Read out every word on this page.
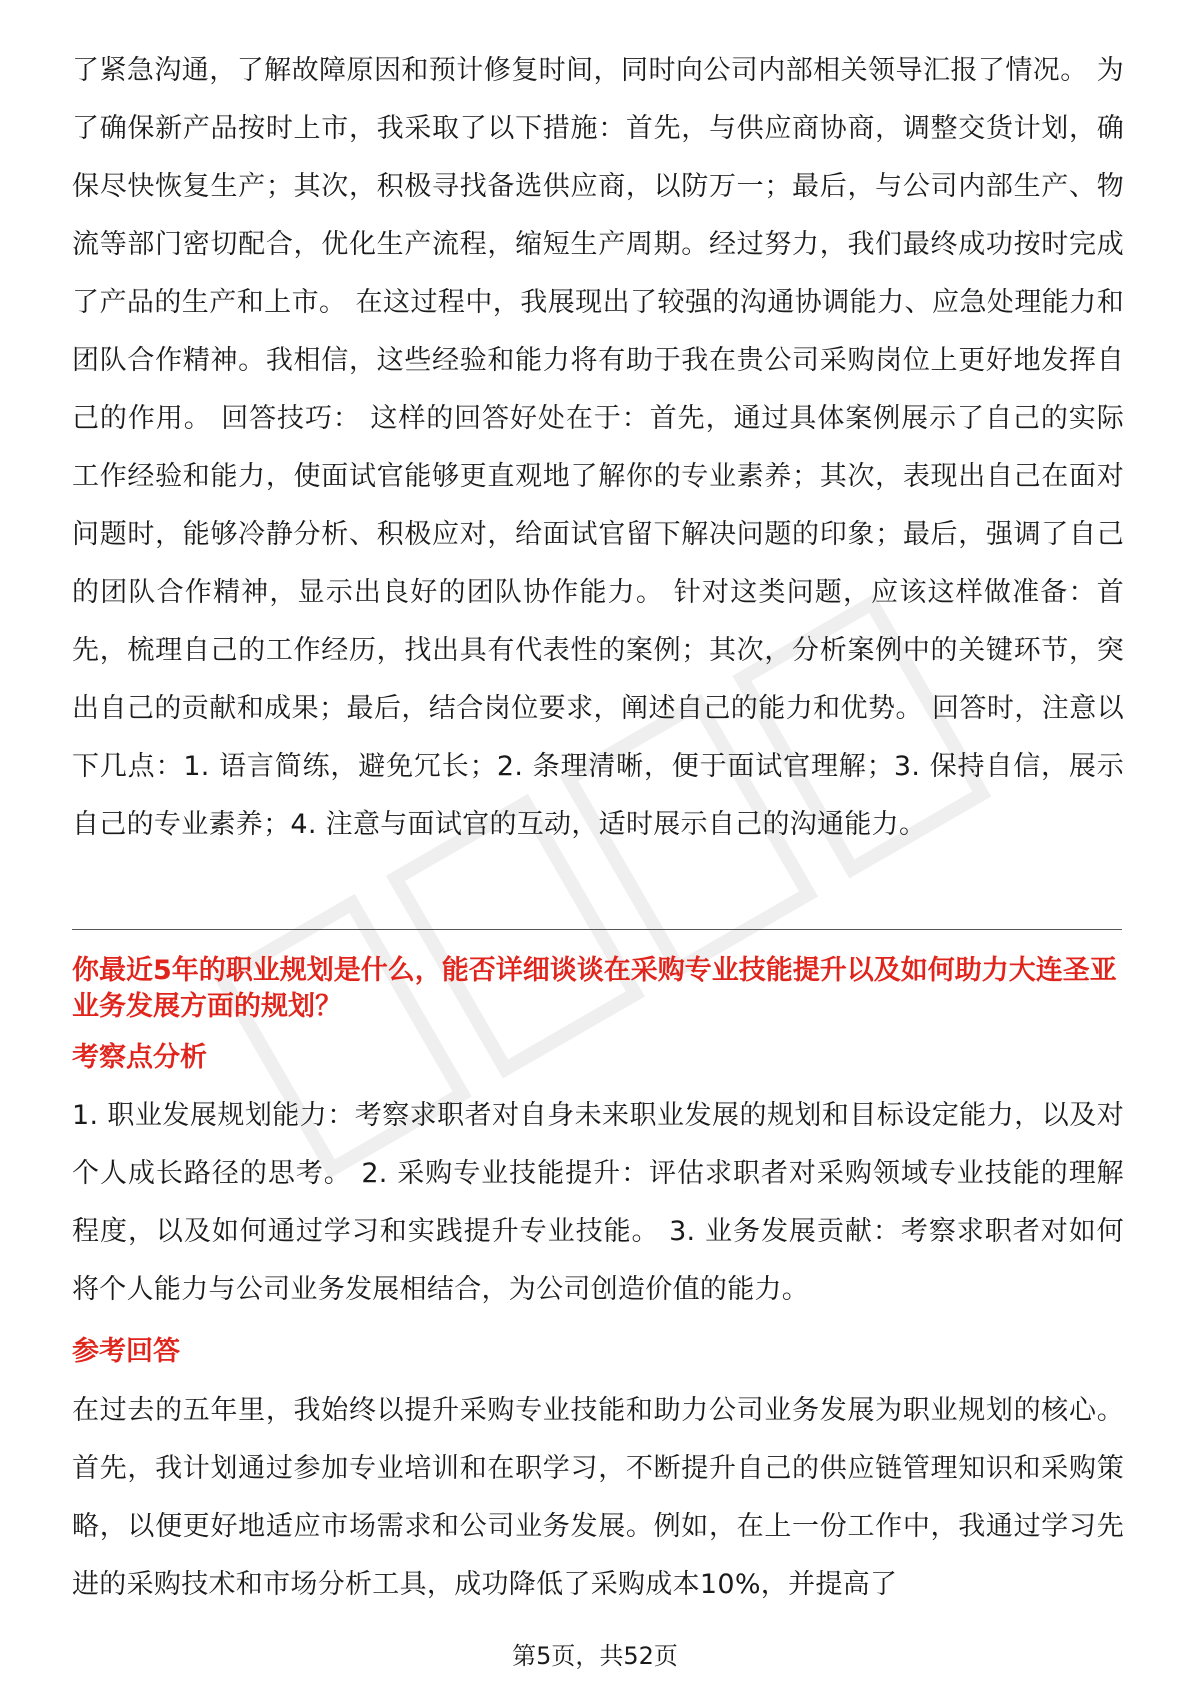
了紧急沟通，了解故障原因和预计修复时间，同时向公司内部相关领导汇报了情况。 为了确保新产品按时上市，我采取了以下措施：首先，与供应商协商，调整交货计划，确保尽快恢复生产；其次，积极寻找备选供应商，以防万一；最后，与公司内部生产、物流等部门密切配合，优化生产流程，缩短生产周期。经过努力，我们最终成功按时完成了产品的生产和上市。 在这过程中，我展现出了较强的沟通协调能力、应急处理能力和团队合作精神。我相信，这些经验和能力将有助于我在贵公司采购岗位上更好地发挥自己的作用。 回答技巧： 这样的回答好处在于：首先，通过具体案例展示了自己的实际工作经验和能力，使面试官能够更直观地了解你的专业素养；其次，表现出自己在面对问题时，能够冷静分析、积极应对，给面试官留下解决问题的印象；最后，强调了自己的团队合作精神，显示出良好的团队协作能力。 针对这类问题，应该这样做准备：首先，梳理自己的工作经历，找出具有代表性的案例；其次，分析案例中的关键环节，突出自己的贡献和成果；最后，结合岗位要求，阐述自己的能力和优势。 回答时，注意以下几点：1. 语言简练，避免冗长；2. 条理清晰，便于面试官理解；3. 保持自信，展示自己的专业素养；4. 注意与面试官的互动，适时展示自己的沟通能力。

你最近5年的职业规划是什么，能否详细谈谈在采购专业技能提升以及如何助力大连圣亚业务发展方面的规划？

考察点分析

1. 职业发展规划能力：考察求职者对自身未来职业发展的规划和目标设定能力，以及对个人成长路径的思考。 2. 采购专业技能提升：评估求职者对采购领域专业技能的理解程度，以及如何通过学习和实践提升专业技能。 3. 业务发展贡献：考察求职者对如何将个人能力与公司业务发展相结合，为公司创造价值的能力。

参考回答

在过去的五年里，我始终以提升采购专业技能和助力公司业务发展为职业规划的核心。首先，我计划通过参加专业培训和在职学习，不断提升自己的供应链管理知识和采购策略，以便更好地适应市场需求和公司业务发展。例如，在上一份工作中，我通过学习先进的采购技术和市场分析工具，成功降低了采购成本10%，并提高了

第5页，共52页
